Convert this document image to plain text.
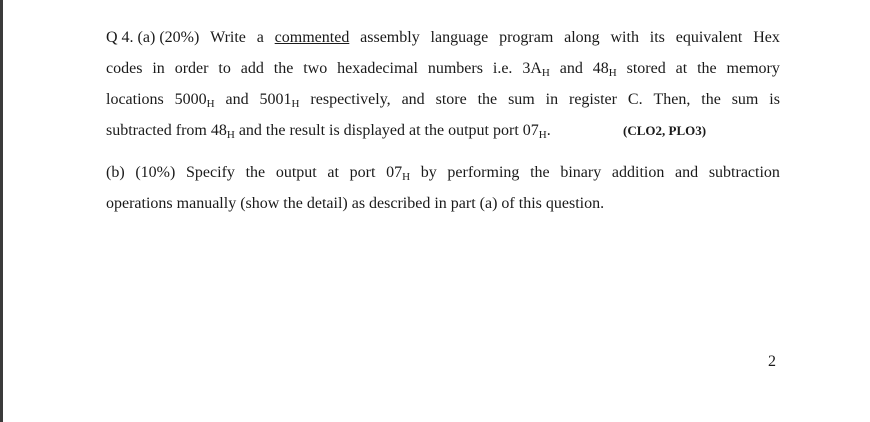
Q 4. (a) (20%) Write a commented assembly language program along with its equivalent Hex
codes in order to add the two hexadecimal numbers i.e. $3A_H$ and $48_H$ stored at the memory
locations $5000_H$ and $5001_H$ respectively, and store the sum in register C. Then, the sum is
subtracted from $48_H$ and the result is displayed at the output port $07_H$.	(CLO2, PLO3)
(b) (10%) Specify the output at port $07_H$ by performing the binary addition and subtraction
operations manually (show the detail) as described in part (a) of this question.
2
